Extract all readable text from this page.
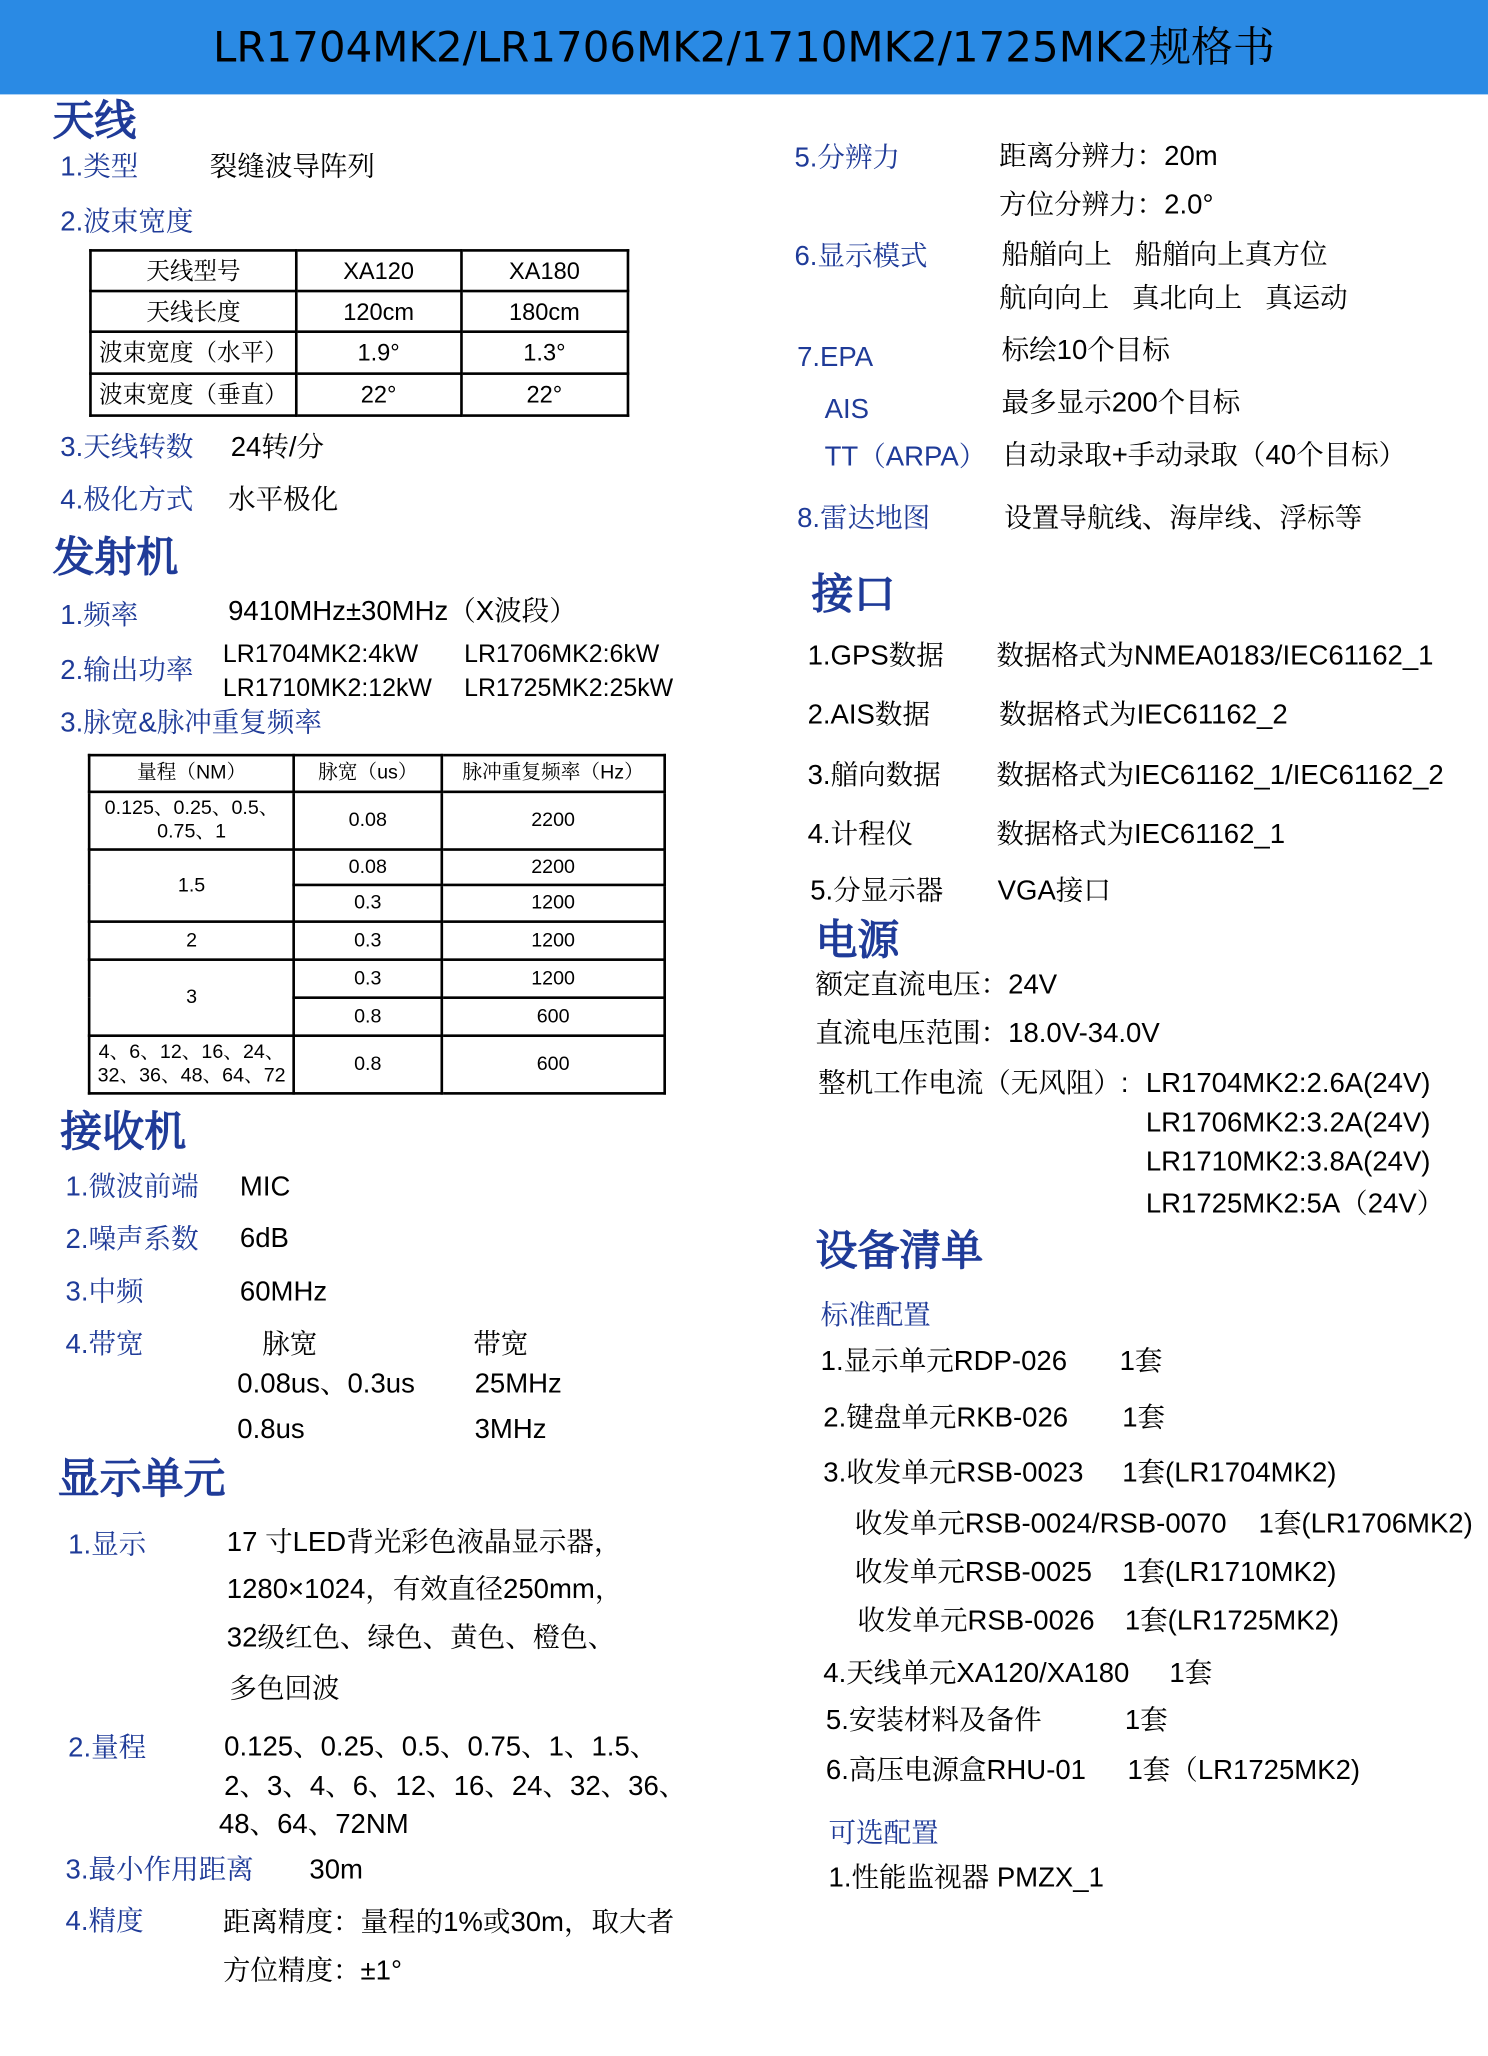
LR1704MK2/LR1706MK2/1710MK2/1725MK2规格书
天线
1.类型	裂缝波导阵列
2.波束宽度
天线型号	XA120	XA180
天线长度	120cm	180cm
波束宽度（水平）	1.9°	1.3°
波束宽度（垂直）	22°	22°
3.天线转数 24转/分
4.极化方式 水平极化
发射机
1.频率	9410MHz±30MHz（X波段）
2.输出功率
LR1704MK2:4kW LR1706MK2:6kW
LR1710MK2:12kW LR1725MK2:25kW
3.脉宽&脉冲重复频率
量程（NM）	脉宽（us）	脉冲重复频率（Hz）

0.125、0.25、0.5、
0.75、1	0.08	2200
1.5	0.08	2200
	0.3	1200
2	0.3	1200
3	0.3	1200
	0.8	600

4、6、12、16、24、
32、36、48、64、72	0.8	600
接收机
1.微波前端 MIC
2.噪声系数 6dB
3.中频	60MHz
4.带宽	脉宽	带宽
0.08us、0.3us	25MHz
0.8us	3MHz
显示单元
1.显示	17 寸LED背光彩色液晶显示器，
1280×1024，有效直径250mm，
32级红色、绿色、黄色、橙色、
多色回波
2.量程	0.125、0.25、0.5、0.75、1、1.5、
2、3、4、6、12、16、24、32、36、
48、64、72NM
3.最小作用距离	30m
4.精度	距离精度：量程的1%或30m，取大者
方位精度：±1°
5.分辨力	距离分辨力：20m
方位分辨力：2.0°
6.显示模式	船艏向上   船艏向上真方位
航向向上   真北向上   真运动
7.EPA	标绘10个目标
AIS	最多显示200个目标
TT（ARPA） 自动录取+手动录取（40个目标）
8.雷达地图	设置导航线、海岸线、浮标等
接口
1.GPS数据	数据格式为NMEA0183/IEC61162_1
2.AIS数据	数据格式为IEC61162_2
3.艏向数据	数据格式为IEC61162_1/IEC61162_2
4.计程仪	数据格式为IEC61162_1
5.分显示器	VGA接口
电源
额定直流电压：24V
直流电压范围：18.0V-34.0V
整机工作电流（无风阻）: LR1704MK2:2.6A(24V)
LR1706MK2:3.2A(24V)
LR1710MK2:3.8A(24V)
LR1725MK2:5A（24V）
设备清单
标准配置
1.显示单元RDP-026	1套
2.键盘单元RKB-026	1套
3.收发单元RSB-0023 1套(LR1704MK2)
收发单元RSB-0024/RSB-0070 1套(LR1706MK2)
收发单元RSB-0025 1套(LR1710MK2)
收发单元RSB-0026 1套(LR1725MK2)
4.天线单元XA120/XA180 1套
5.安装材料及备件	1套
6.高压电源盒RHU-01 1套（LR1725MK2)
可选配置
1.性能监视器 PMZX_1
